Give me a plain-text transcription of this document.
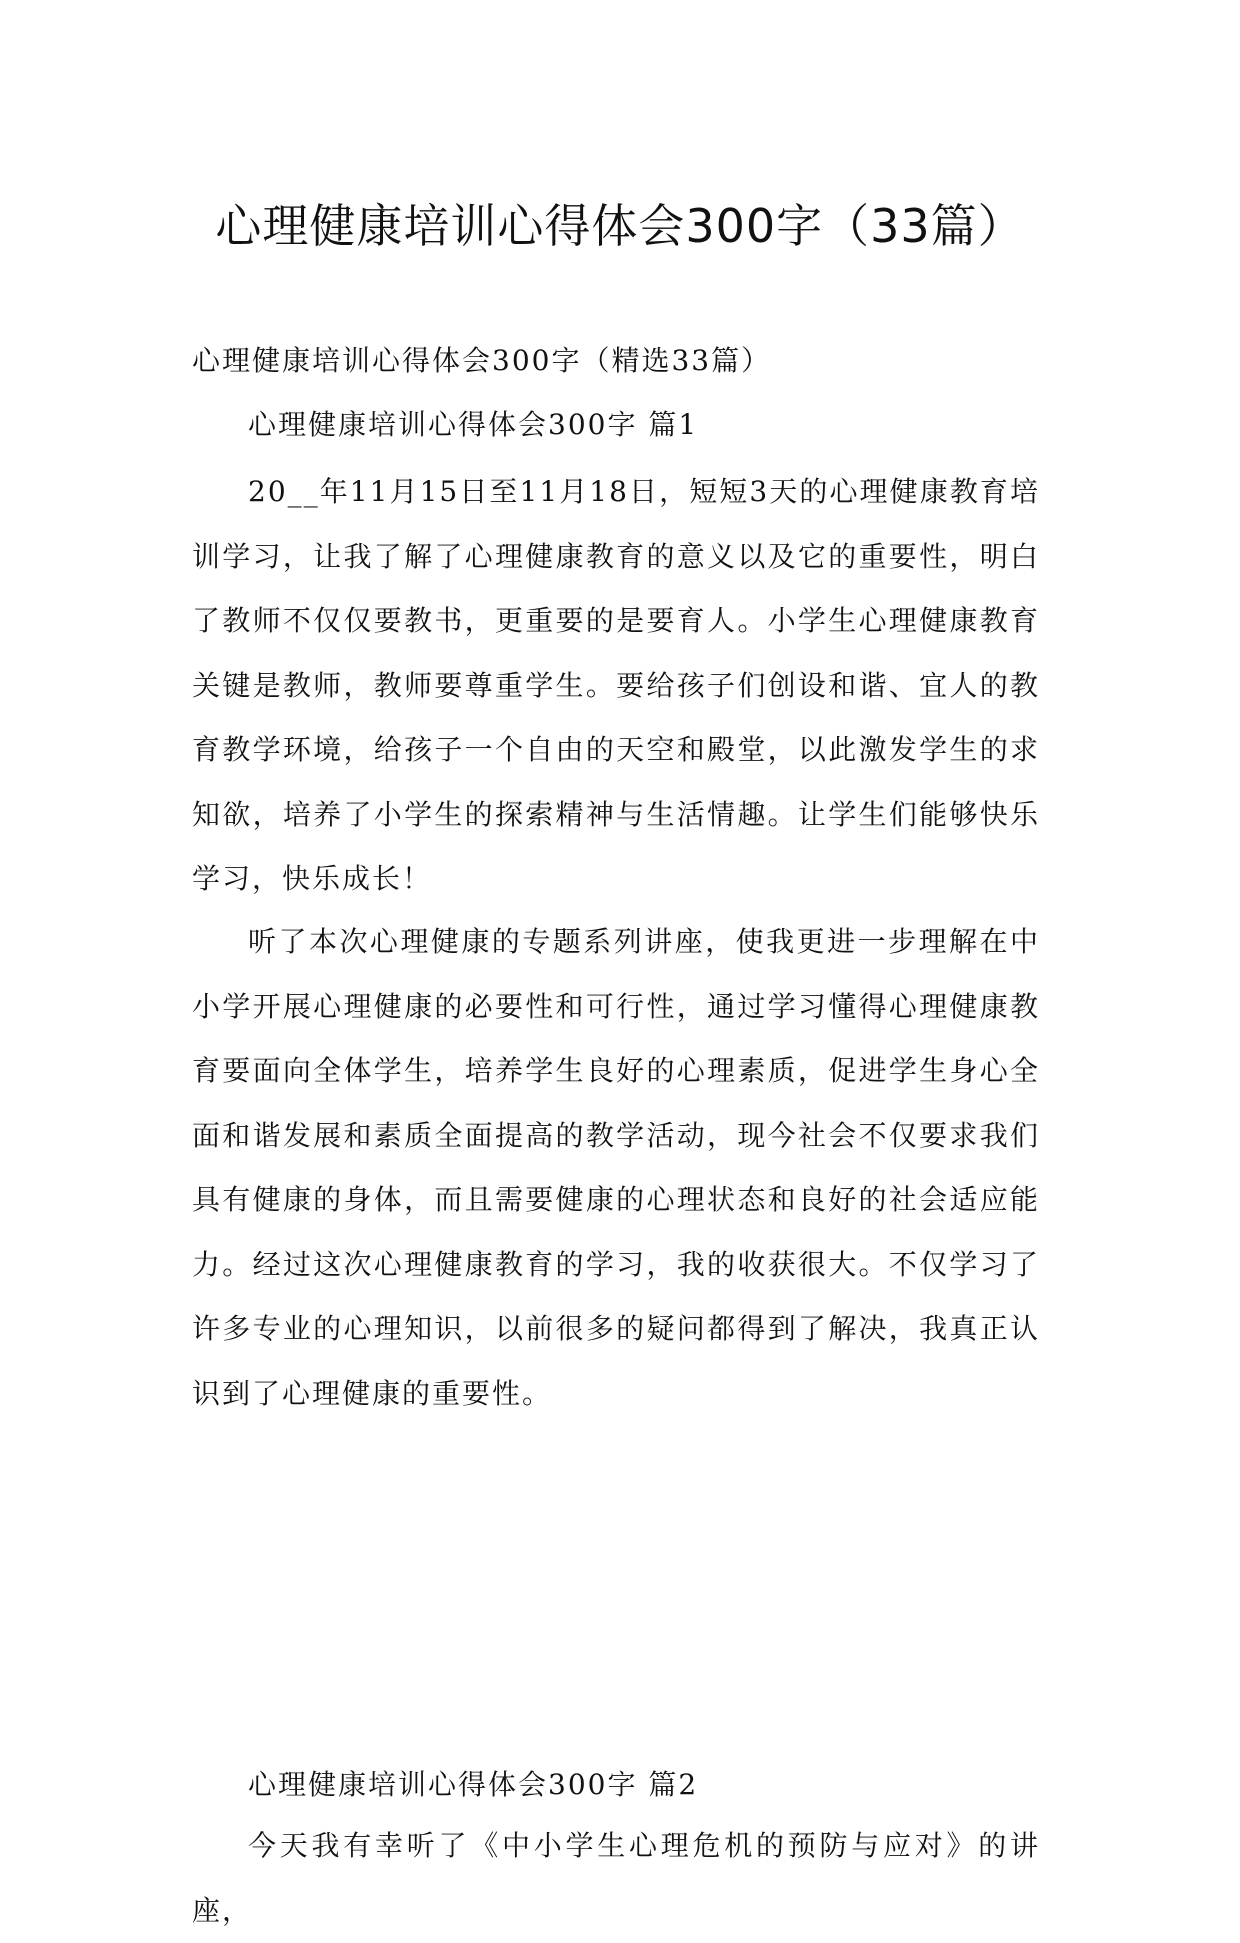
心理健康培训心得体会300字（33篇）

心理健康培训心得体会300字（精选33篇）

心理健康培训心得体会300字 篇1

20__年11月15日至11月18日，短短3天的心理健康教育培训学习，让我了解了心理健康教育的意义以及它的重要性，明白了教师不仅仅要教书，更重要的是要育人。小学生心理健康教育关键是教师，教师要尊重学生。要给孩子们创设和谐、宜人的教育教学环境，给孩子一个自由的天空和殿堂，以此激发学生的求知欲，培养了小学生的探索精神与生活情趣。让学生们能够快乐学习，快乐成长！

听了本次心理健康的专题系列讲座，使我更进一步理解在中小学开展心理健康的必要性和可行性，通过学习懂得心理健康教育要面向全体学生，培养学生良好的心理素质，促进学生身心全面和谐发展和素质全面提高的教学活动，现今社会不仅要求我们具有健康的身体，而且需要健康的心理状态和良好的社会适应能力。经过这次心理健康教育的学习，我的收获很大。不仅学习了许多专业的心理知识，以前很多的疑问都得到了解决，我真正认识到了心理健康的重要性。

心理健康培训心得体会300字 篇2

今天我有幸听了《中小学生心理危机的预防与应对》的讲座，
